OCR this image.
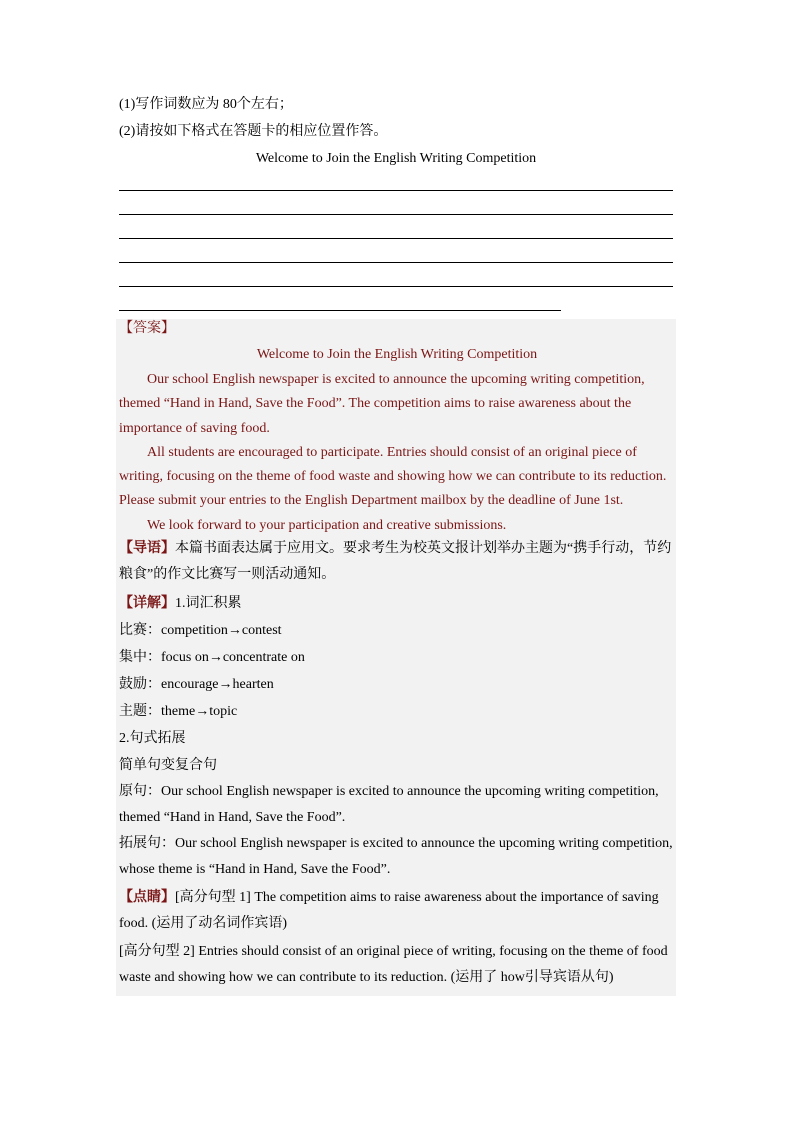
(1)写作词数应为 80个左右；
(2)请按如下格式在答题卡的相应位置作答。
Welcome to Join the English Writing Competition
【答案】
Welcome to Join the English Writing Competition

Our school English newspaper is excited to announce the upcoming writing competition, themed “Hand in Hand, Save the Food”. The competition aims to raise awareness about the importance of saving food.

All students are encouraged to participate. Entries should consist of an original piece of writing, focusing on the theme of food waste and showing how we can contribute to its reduction. Please submit your entries to the English Department mailbox by the deadline of June 1st.

We look forward to your participation and creative submissions.

【导语】本篇书面表达属于应用文。要求考生为校英文报计划举办主题为“携手行动，节约粮食”的作文比赛写一则活动通知。
【详解】1.词汇积累
比赛：competition→contest
集中：focus on→concentrate on
鼓励：encourage→hearten
主题：theme→topic
2.句式拓展
简单句变复合句
原句：Our school English newspaper is excited to announce the upcoming writing competition, themed “Hand in Hand, Save the Food”.
拓展句：Our school English newspaper is excited to announce the upcoming writing competition, whose theme is “Hand in Hand, Save the Food”.
【点睛】[高分句型 1] The competition aims to raise awareness about the importance of saving food. (运用了动名词作宾语)
[高分句型 2] Entries should consist of an original piece of writing, focusing on the theme of food waste and showing how we can contribute to its reduction. (运用了 how引导宾语从句)
